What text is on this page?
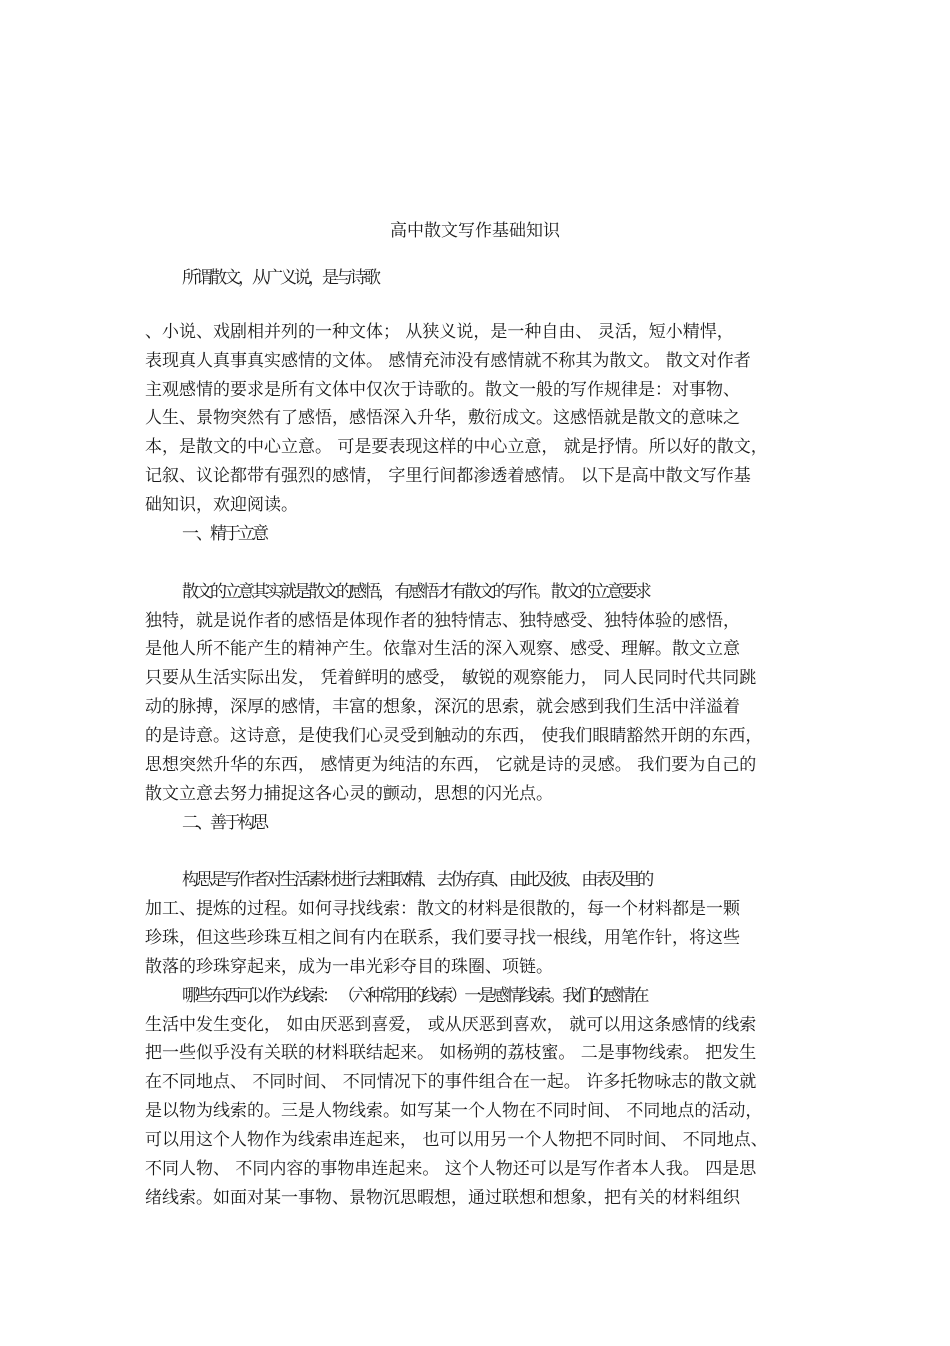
高中散文写作基础知识
所谓散文，从广义说，是与诗歌
、小说、戏剧相并列的一种文体； 从狭义说，是一种自由、 灵活，短小精悍，
表现真人真事真实感情的文体。 感情充沛没有感情就不称其为散文。 散文对作者
主观感情的要求是所有文体中仅次于诗歌的。散文一般的写作规律是：对事物、
人生、景物突然有了感悟，感悟深入升华，敷衍成文。这感悟就是散文的意味之
本，是散文的中心立意。 可是要表现这样的中心立意， 就是抒情。所以好的散文，
记叙、议论都带有强烈的感情， 字里行间都渗透着感情。 以下是高中散文写作基
础知识，欢迎阅读。
一、精于立意
散文的立意其实就是散文的感悟， 有感悟才有散文的写作。 散文的立意要求
独特，就是说作者的感悟是体现作者的独特情志、独特感受、独特体验的感悟，
是他人所不能产生的精神产生。依靠对生活的深入观察、感受、理解。散文立意
只要从生活实际出发， 凭着鲜明的感受， 敏锐的观察能力， 同人民同时代共同跳
动的脉搏，深厚的感情，丰富的想象，深沉的思索，就会感到我们生活中洋溢着
的是诗意。这诗意，是使我们心灵受到触动的东西， 使我们眼睛豁然开朗的东西，
思想突然升华的东西， 感情更为纯洁的东西， 它就是诗的灵感。 我们要为自己的
散文立意去努力捕捉这各心灵的颤动，思想的闪光点。
二、善于构思
构思是写作者对生活素材进行去粗取精、 去伪存真、 由此及彼、 由表及里的
加工、提炼的过程。如何寻找线索：散文的材料是很散的，每一个材料都是一颗
珍珠，但这些珍珠互相之间有内在联系，我们要寻找一根线，用笔作针，将这些
散落的珍珠穿起来，成为一串光彩夺目的珠圈、项链。
哪些东西可以作为线索： （六种常用的线索）一是感情线索。我们的感情在
生活中发生变化， 如由厌恶到喜爱， 或从厌恶到喜欢， 就可以用这条感情的线索
把一些似乎没有关联的材料联结起来。 如杨朔的荔枝蜜。 二是事物线索。 把发生
在不同地点、 不同时间、 不同情况下的事件组合在一起。 许多托物咏志的散文就
是以物为线索的。三是人物线索。如写某一个人物在不同时间、 不同地点的活动，
可以用这个人物作为线索串连起来， 也可以用另一个人物把不同时间、 不同地点、
不同人物、 不同内容的事物串连起来。 这个人物还可以是写作者本人我。 四是思
绪线索。如面对某一事物、景物沉思暇想，通过联想和想象，把有关的材料组织
